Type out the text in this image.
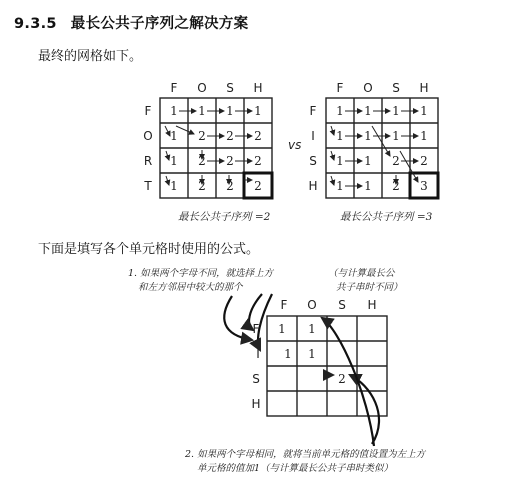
9.3.5 最长公共子序列之解决方案
最终的网格如下。
下面是填写各个单元格时使用的公式。
F O S H
F
O
R
T
1 1 1 1
1 2 2 2
1 2 2 2
1 2 2 2
最长公共子序列 =2
vs
F O S H
F
I
S
H
1 1 1 1
1 1 1 1
1 1 2 2
1 1 2 3
最长公共子序列 =3
1. 如果两个字母不同，就选择上方
和左方邻居中较大的那个
（与计算最长公
共子串时不同）
F O S H
F
I
S
H
1 1
1 1
2
2. 如果两个字母相同，就将当前单元格的值设置为左上方
单元格的值加1（与计算最长公共子串时类似）
